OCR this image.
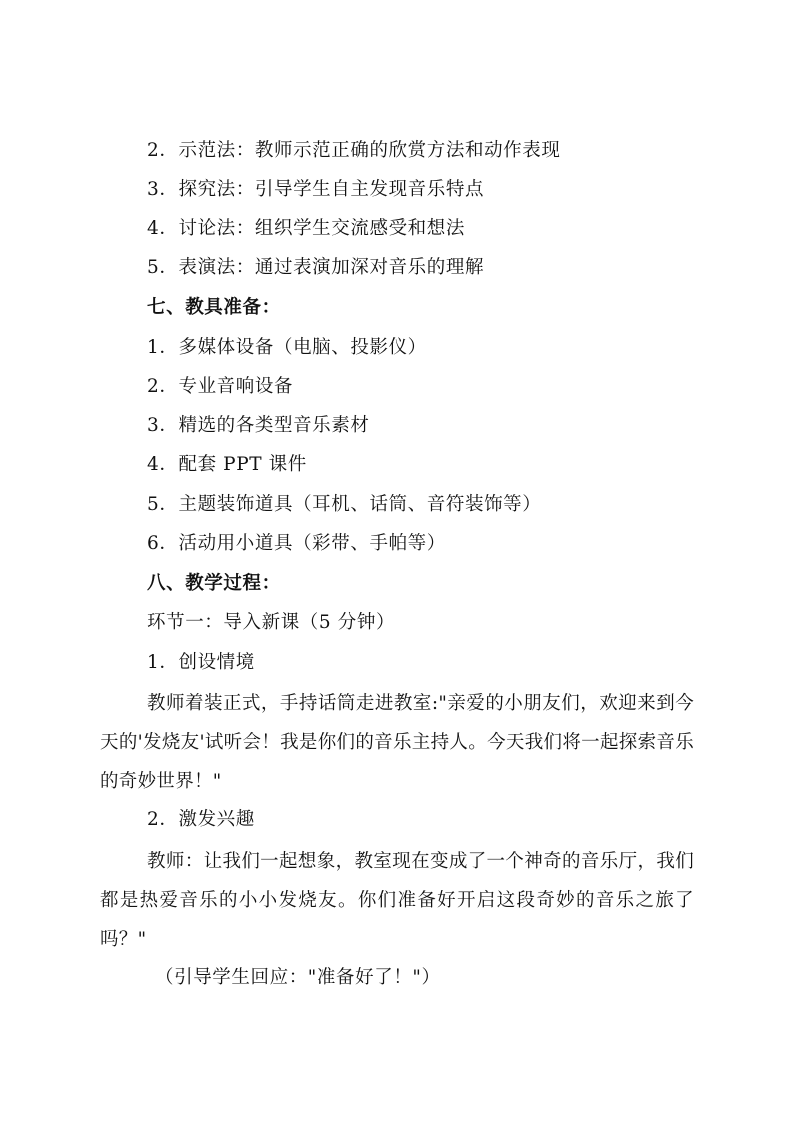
2．示范法：教师示范正确的欣赏方法和动作表现
3．探究法：引导学生自主发现音乐特点
4．讨论法：组织学生交流感受和想法
5．表演法：通过表演加深对音乐的理解
七、教具准备：
1．多媒体设备（电脑、投影仪）
2．专业音响设备
3．精选的各类型音乐素材
4．配套 PPT 课件
5．主题装饰道具（耳机、话筒、音符装饰等）
6．活动用小道具（彩带、手帕等）
八、教学过程：
环节一：导入新课（5 分钟）
1．创设情境
教师着装正式，手持话筒走进教室:"亲爱的小朋友们，欢迎来到今天的'发烧友'试听会！我是你们的音乐主持人。今天我们将一起探索音乐的奇妙世界！"
2．激发兴趣
教师：让我们一起想象，教室现在变成了一个神奇的音乐厅，我们都是热爱音乐的小小发烧友。你们准备好开启这段奇妙的音乐之旅了吗？"
（引导学生回应："准备好了！"）
